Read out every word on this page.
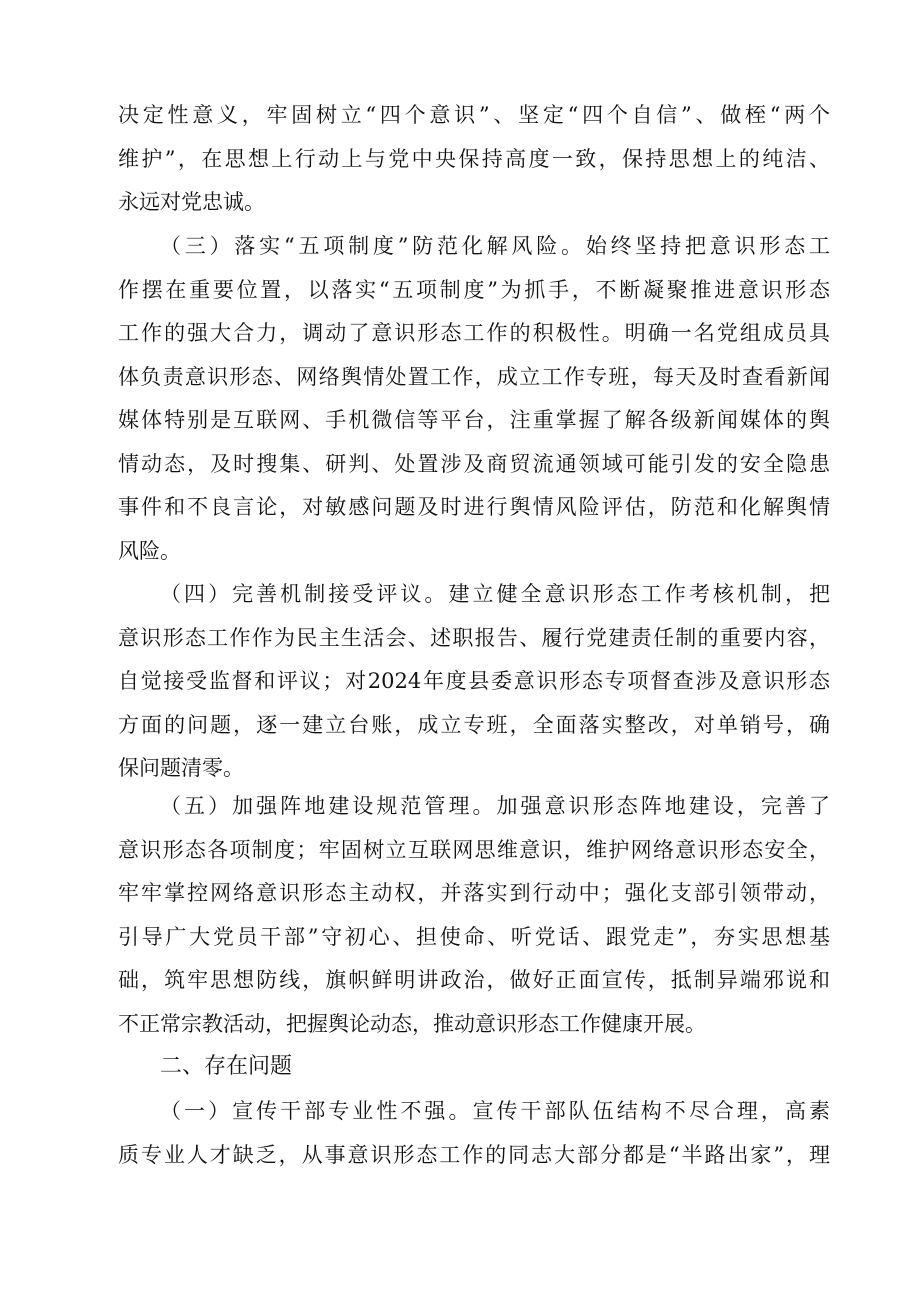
决定性意义，牢固树立“四个意识”、坚定“四个自信”、做桎“两个
维护”，在思想上行动上与党中央保持高度一致，保持思想上的纯洁、
永远对党忠诚。
（三）落实“五项制度”防范化解风险。始终坚持把意识形态工
作摆在重要位置，以落实“五项制度”为抓手，不断凝聚推进意识形态
工作的强大合力，调动了意识形态工作的积极性。明确一名党组成员具
体负责意识形态、网络舆情处置工作，成立工作专班，每天及时查看新闻
媒体特别是互联网、手机微信等平台，注重掌握了解各级新闻媒体的舆
情动态，及时搜集、研判、处置涉及商贸流通领域可能引发的安全隐患
事件和不良言论，对敏感问题及时进行舆情风险评估，防范和化解舆情
风险。
（四）完善机制接受评议。建立健全意识形态工作考核机制，把
意识形态工作作为民主生活会、述职报告、履行党建责任制的重要内容，
自觉接受监督和评议；对2024年度县委意识形态专项督查涉及意识形态
方面的问题，逐一建立台账，成立专班，全面落实整改，对单销号，确
保问题清零。
（五）加强阵地建设规范管理。加强意识形态阵地建设，完善了
意识形态各项制度；牢固树立互联网思维意识，维护网络意识形态安全，
牢牢掌控网络意识形态主动权，并落实到行动中；强化支部引领带动，
引导广大党员干部”守初心、担使命、听党话、跟党走”，夯实思想基
础，筑牢思想防线，旗帜鲜明讲政治，做好正面宣传，抵制异端邪说和
不正常宗教活动，把握舆论动态，推动意识形态工作健康开展。
二、存在问题
（一）宣传干部专业性不强。宣传干部队伍结构不尽合理，高素
质专业人才缺乏，从事意识形态工作的同志大部分都是“半路出家”，理
